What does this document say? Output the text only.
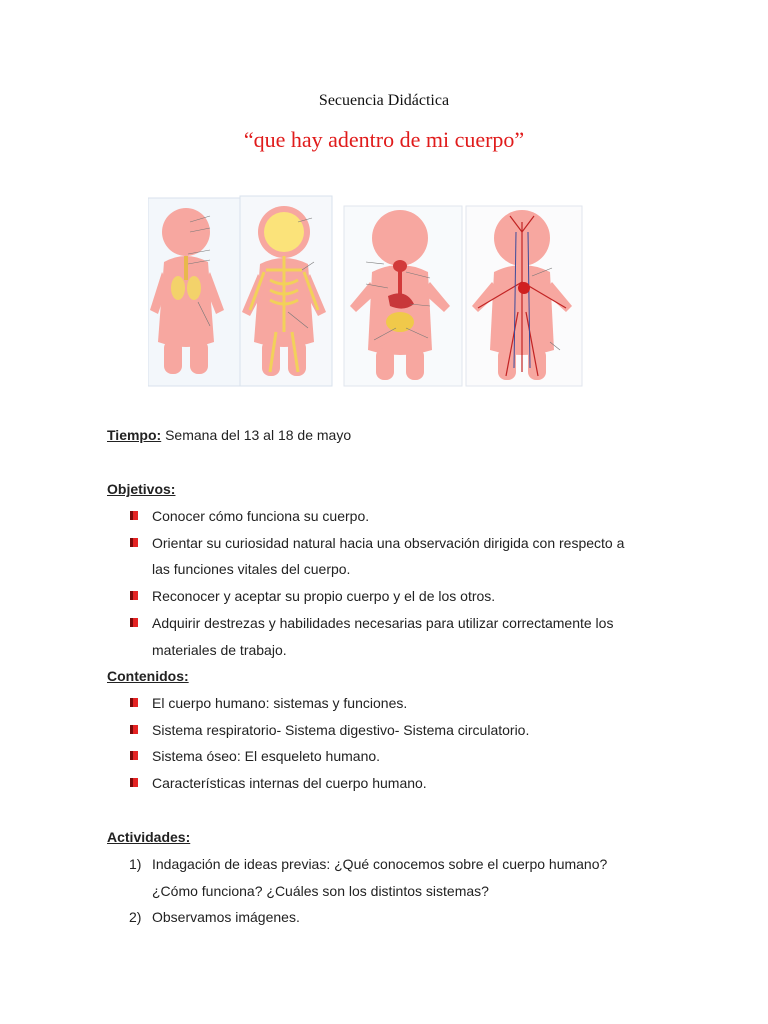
Secuencia Didáctica
“que hay adentro de mi cuerpo”
Tiempo: Semana del 13 al 18 de mayo
Objetivos:
Conocer cómo funciona su cuerpo.
Orientar su curiosidad natural hacia una observación dirigida con respecto a
las funciones vitales del cuerpo.
Reconocer y aceptar su propio cuerpo y el de los otros.
Adquirir destrezas y habilidades necesarias para utilizar correctamente los
materiales de trabajo.
Contenidos:
El cuerpo humano: sistemas y funciones.
Sistema respiratorio- Sistema digestivo- Sistema circulatorio.
Sistema óseo: El esqueleto humano.
Características internas del cuerpo humano.
Actividades:
1) Indagación de ideas previas: ¿Qué conocemos sobre el cuerpo humano?
¿Cómo funciona? ¿Cuáles son los distintos sistemas?
2) Observamos imágenes.
